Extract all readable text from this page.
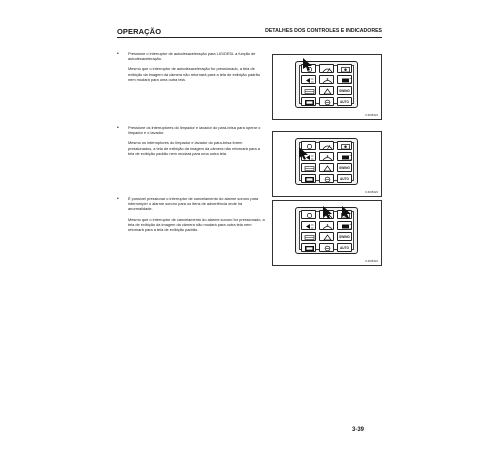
OPERAÇÃO	DETALHES DOS CONTROLES E INDICADORES
• Pressione o interruptor de autodesaceleração para LIG/DESL a função de autodesaceleração.

Mesmo que o interruptor de autodesaceleração for pressionado, a tela de exibição da imagem da câmera não retornará para a tela de exibição padrão nem mudará para uma outra tela.

SWING
AUTO
KJ008423
• Pressione os interruptores do limpador e lavador do pára-brisa para operar o limpador e o lavador.

Mesmo os interruptores do limpador e lavador do pára-brisa forem pressionados, a tela de exibição da imagem da câmera não retornará para a tela de exibição padrão nem mudará para uma outra tela.

SWING
AUTO
KJ008323
• É possível pressionar o interruptor de cancelamento do alarme sonoro para interromper o alarme sonoro para os itens de advertência onde há anormalidade.

Mesmo que o interruptor de cancelamento do alarme sonoro for pressionado, a tela de exibição da imagem da câmera não mudará para outra tela nem retornará para a tela de exibição padrão.

SWING
AUTO
KJ008324
3-39
